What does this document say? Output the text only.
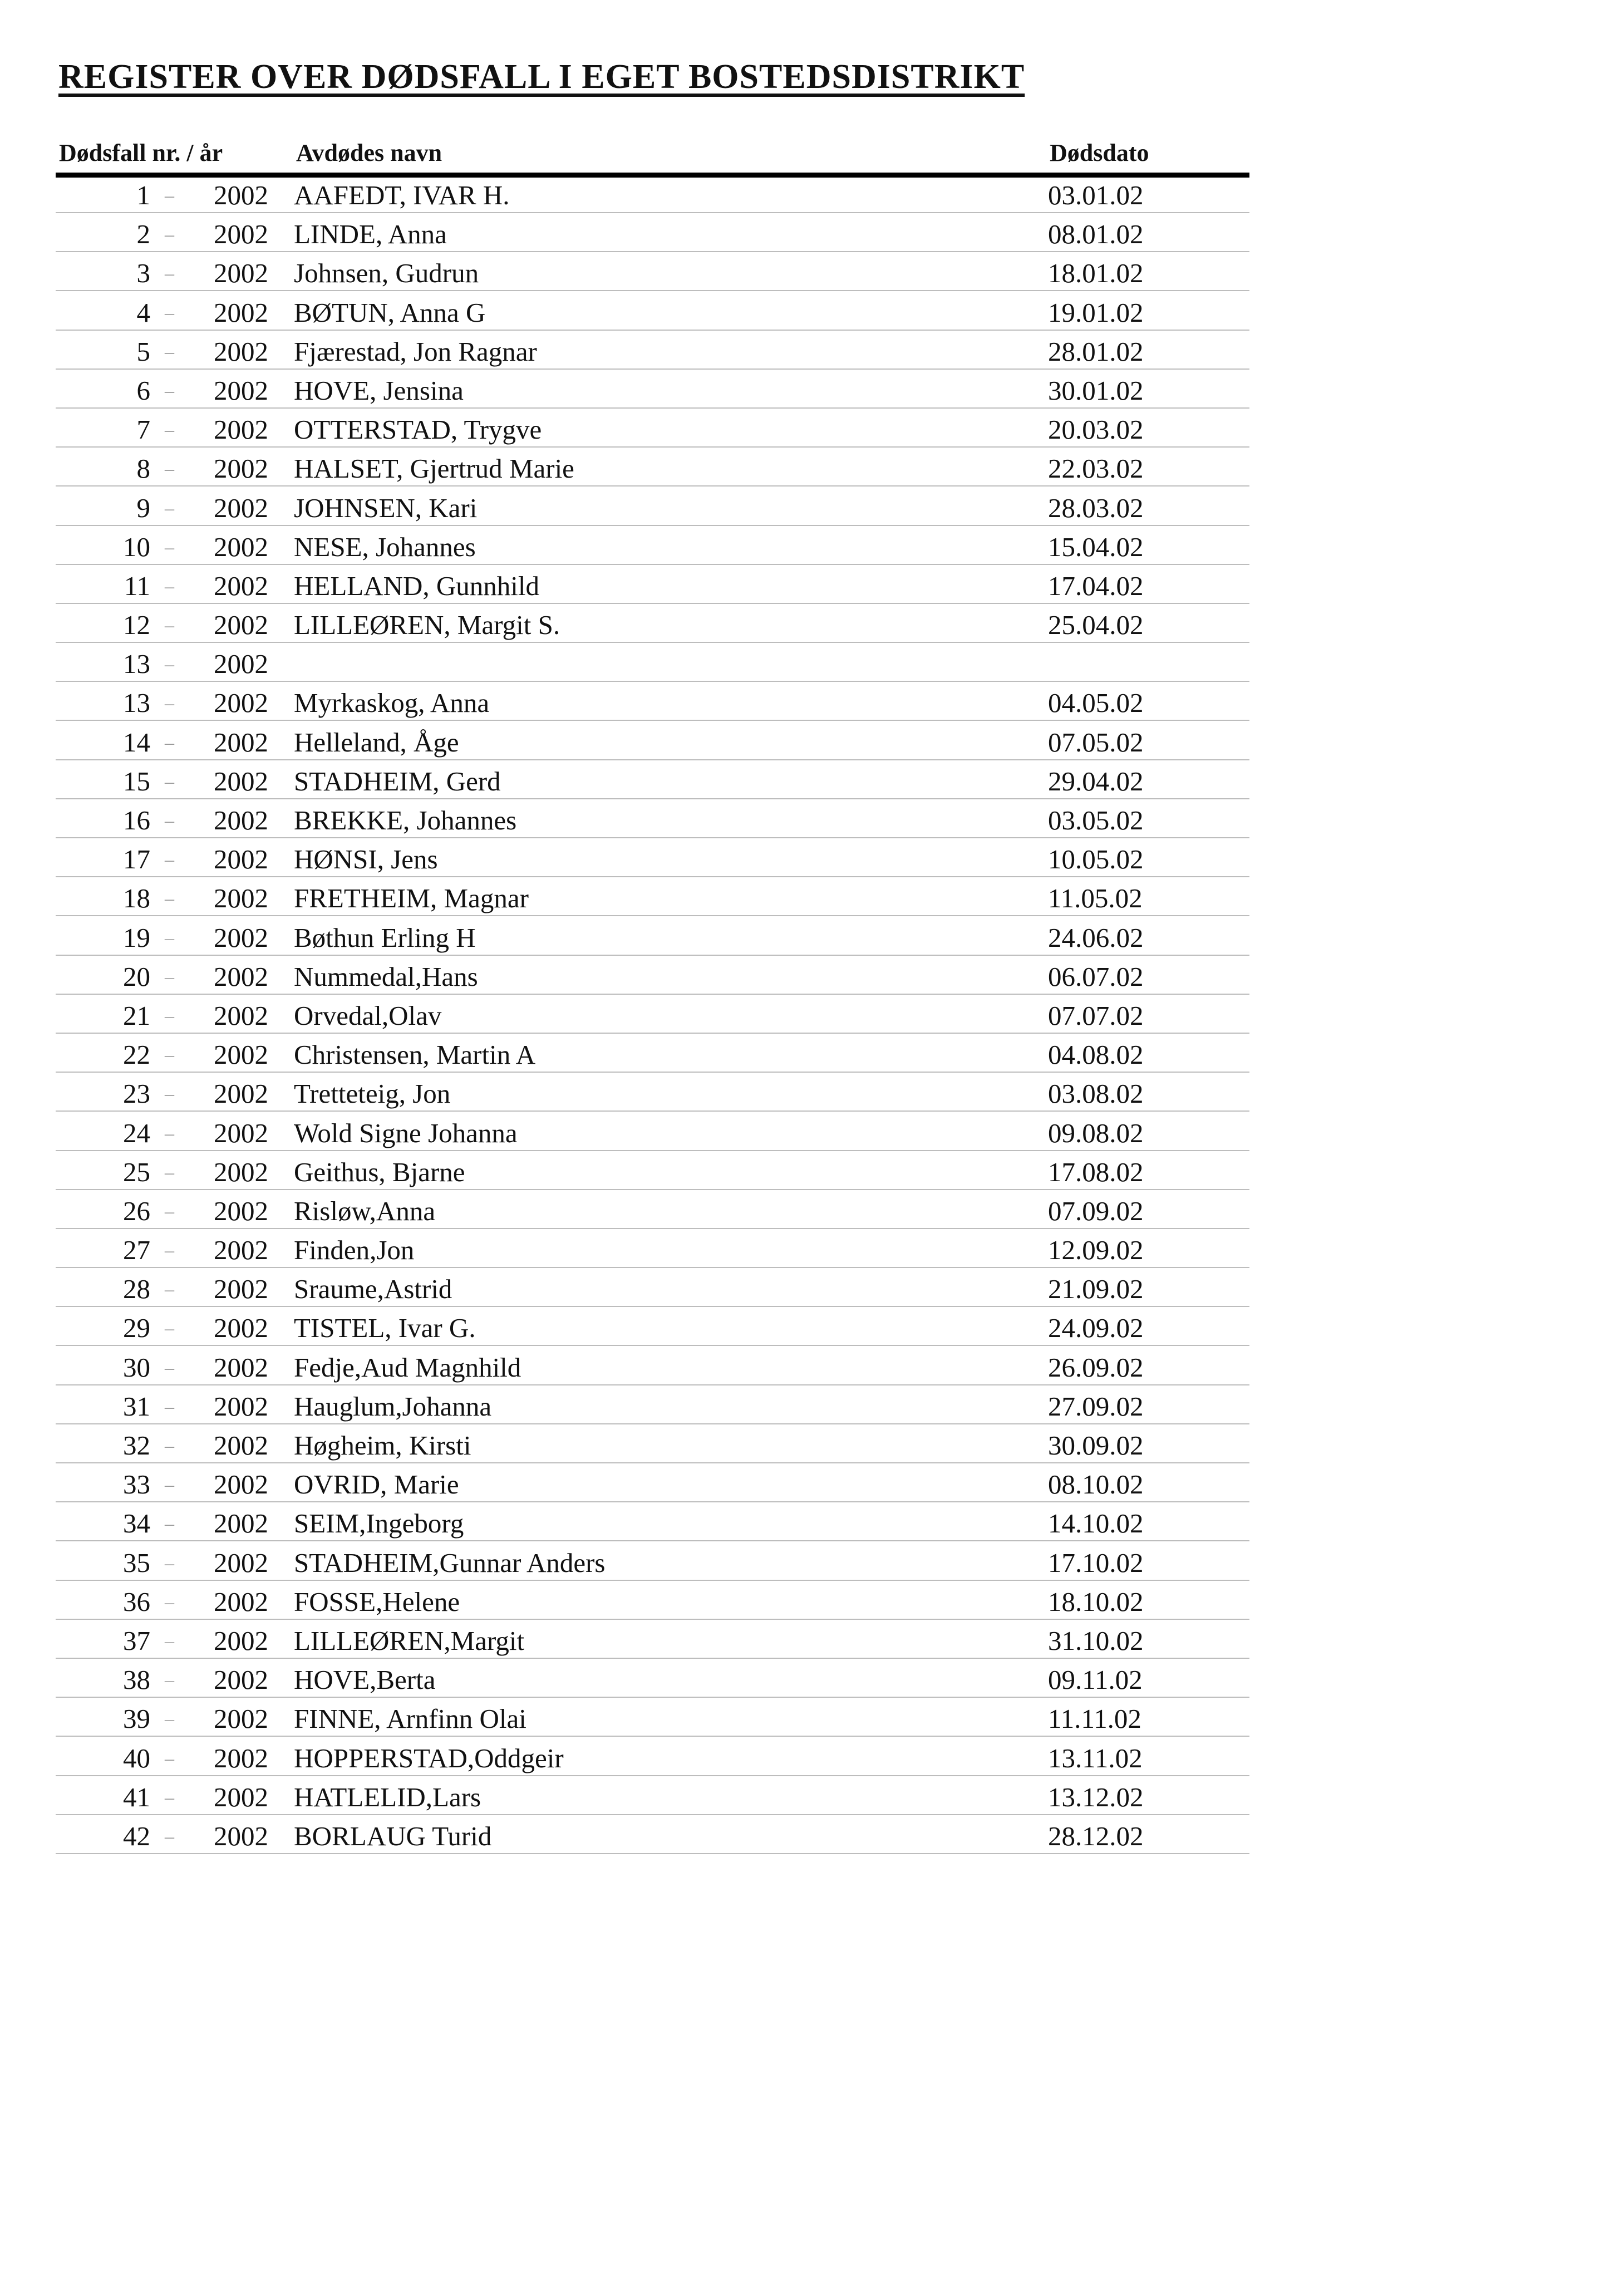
REGISTER OVER DØDSFALL I EGET BOSTEDSDISTRIKT
Dødsfall nr. / år	Avdødes navn	Dødsdato
1 – 2002 AAFEDT, IVAR H.	03.01.02
2 – 2002 LINDE, Anna	08.01.02
3 – 2002 Johnsen, Gudrun	18.01.02
4 – 2002 BØTUN, Anna G	19.01.02
5 – 2002 Fjærestad, Jon Ragnar	28.01.02
6 – 2002 HOVE, Jensina	30.01.02
7 – 2002 OTTERSTAD, Trygve	20.03.02
8 – 2002 HALSET, Gjertrud Marie	22.03.02
9 – 2002 JOHNSEN, Kari	28.03.02
10 – 2002 NESE, Johannes	15.04.02
11 – 2002 HELLAND, Gunnhild	17.04.02
12 – 2002 LILLEØREN, Margit S.	25.04.02
13 – 2002
13 – 2002 Myrkaskog, Anna	04.05.02
14 – 2002 Helleland, Åge	07.05.02
15 – 2002 STADHEIM, Gerd	29.04.02
16 – 2002 BREKKE, Johannes	03.05.02
17 – 2002 HØNSI, Jens	10.05.02
18 – 2002 FRETHEIM, Magnar	11.05.02
19 – 2002 Bøthun Erling H	24.06.02
20 – 2002 Nummedal,Hans	06.07.02
21 – 2002 Orvedal,Olav	07.07.02
22 – 2002 Christensen, Martin A	04.08.02
23 – 2002 Tretteteig, Jon	03.08.02
24 – 2002 Wold Signe Johanna	09.08.02
25 – 2002 Geithus, Bjarne	17.08.02
26 – 2002 Risløw,Anna	07.09.02
27 – 2002 Finden,Jon	12.09.02
28 – 2002 Sraume,Astrid	21.09.02
29 – 2002 TISTEL, Ivar G.	24.09.02
30 – 2002 Fedje,Aud Magnhild	26.09.02
31 – 2002 Hauglum,Johanna	27.09.02
32 – 2002 Høgheim, Kirsti	30.09.02
33 – 2002 OVRID, Marie	08.10.02
34 – 2002 SEIM,Ingeborg	14.10.02
35 – 2002 STADHEIM,Gunnar Anders	17.10.02
36 – 2002 FOSSE,Helene	18.10.02
37 – 2002 LILLEØREN,Margit	31.10.02
38 – 2002 HOVE,Berta	09.11.02
39 – 2002 FINNE, Arnfinn Olai	11.11.02
40 – 2002 HOPPERSTAD,Oddgeir	13.11.02
41 – 2002 HATLELID,Lars	13.12.02
42 – 2002 BORLAUG Turid	28.12.02
